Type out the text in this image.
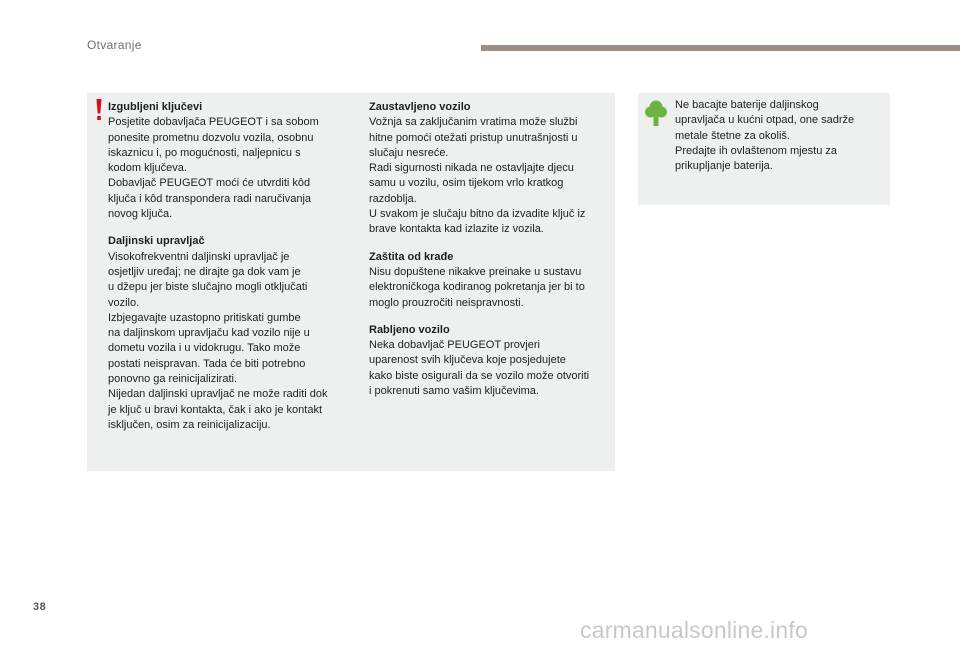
Otvaranje
Izgubljeni ključevi
Posjetite dobavljača PEUGEOT i sa sobom
ponesite prometnu dozvolu vozila, osobnu
iskaznicu i, po mogućnosti, naljepnicu s
kodom ključeva.
Dobavljač PEUGEOT moći će utvrditi kôd
ključa i kôd transpondera radi naručivanja
novog ključa.
Daljinski upravljač
Visokofrekventni daljinski upravljač je
osjetljiv uređaj; ne dirajte ga dok vam je
u džepu jer biste slučajno mogli otključati
vozilo.
Izbjegavajte uzastopno pritiskati gumbe
na daljinskom upravljaču kad vozilo nije u
dometu vozila i u vidokrugu. Tako može
postati neispravan. Tada će biti potrebno
ponovno ga reinicijalizirati.
Nijedan daljinski upravljač ne može raditi dok
je ključ u bravi kontakta, čak i ako je kontakt
isključen, osim za reinicijalizaciju.
Zaustavljeno vozilo
Vožnja sa zaključanim vratima može službi
hitne pomoći otežati pristup unutrašnjosti u
slučaju nesreće.
Radi sigurnosti nikada ne ostavljajte djecu
samu u vozilu, osim tijekom vrlo kratkog
razdoblja.
U svakom je slučaju bitno da izvadite ključ iz
brave kontakta kad izlazite iz vozila.
Zaštita od krađe
Nisu dopuštene nikakve preinake u sustavu
elektroničkoga kodiranog pokretanja jer bi to
moglo prouzročiti neispravnosti.
Rabljeno vozilo
Neka dobavljač PEUGEOT provjeri
uparenost svih ključeva koje posjedujete
kako biste osigurali da se vozilo može otvoriti
i pokrenuti samo vašim ključevima.
Ne bacajte baterije daljinskog
upravljača u kućni otpad, one sadrže
metale štetne za okoliš.
Predajte ih ovlaštenom mjestu za
prikupljanje baterija.
38
carmanualsonline.info
